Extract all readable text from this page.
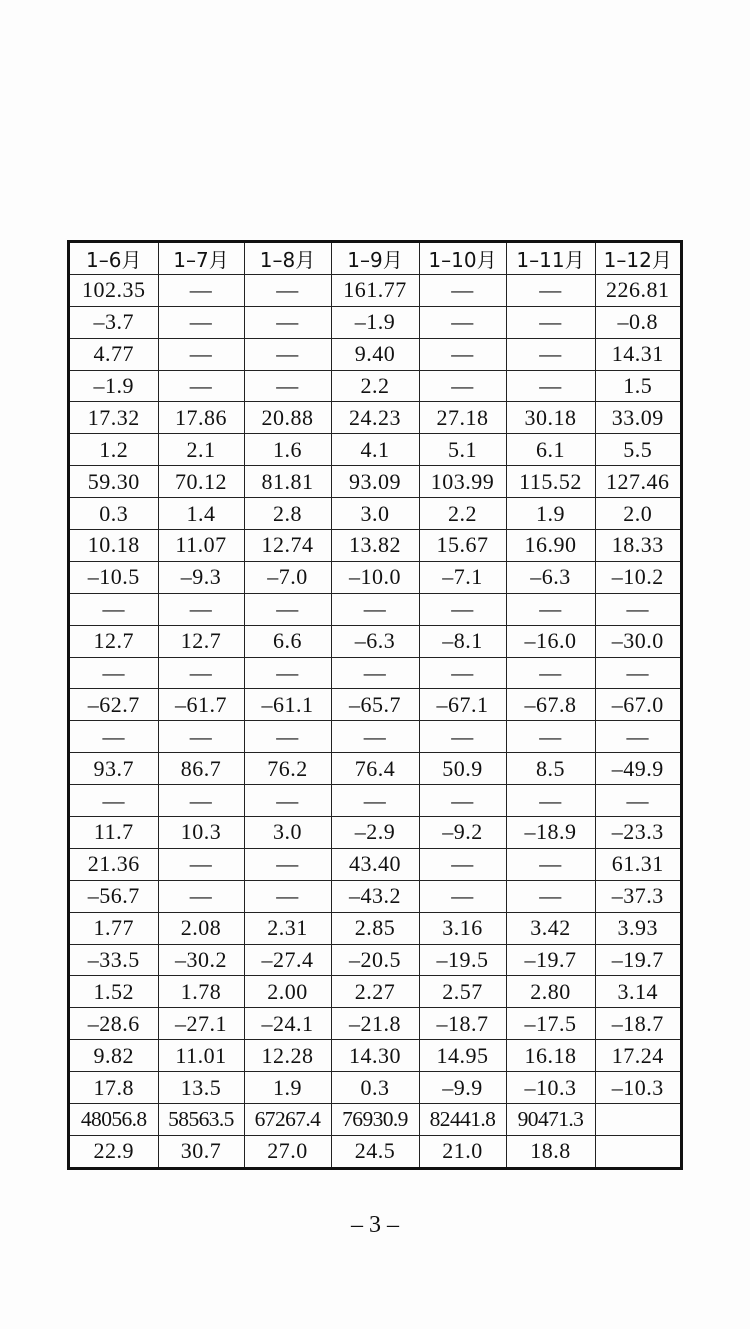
1–6月	1–7月	1–8月	1–9月	1–10月	1–11月	1–12月
102.35	—	—	161.77	—	—	226.81
–3.7	—	—	–1.9	—	—	–0.8
4.77	—	—	9.40	—	—	14.31
–1.9	—	—	2.2	—	—	1.5
17.32	17.86	20.88	24.23	27.18	30.18	33.09
1.2	2.1	1.6	4.1	5.1	6.1	5.5
59.30	70.12	81.81	93.09	103.99	115.52	127.46
0.3	1.4	2.8	3.0	2.2	1.9	2.0
10.18	11.07	12.74	13.82	15.67	16.90	18.33
–10.5	–9.3	–7.0	–10.0	–7.1	–6.3	–10.2
—	—	—	—	—	—	—
12.7	12.7	6.6	–6.3	–8.1	–16.0	–30.0
—	—	—	—	—	—	—
–62.7	–61.7	–61.1	–65.7	–67.1	–67.8	–67.0
—	—	—	—	—	—	—
93.7	86.7	76.2	76.4	50.9	8.5	–49.9
—	—	—	—	—	—	—
11.7	10.3	3.0	–2.9	–9.2	–18.9	–23.3
21.36	—	—	43.40	—	—	61.31
–56.7	—	—	–43.2	—	—	–37.3
1.77	2.08	2.31	2.85	3.16	3.42	3.93
–33.5	–30.2	–27.4	–20.5	–19.5	–19.7	–19.7
1.52	1.78	2.00	2.27	2.57	2.80	3.14
–28.6	–27.1	–24.1	–21.8	–18.7	–17.5	–18.7
9.82	11.01	12.28	14.30	14.95	16.18	17.24
17.8	13.5	1.9	0.3	–9.9	–10.3	–10.3
48056.8	58563.5	67267.4	76930.9	82441.8	90471.3	
22.9	30.7	27.0	24.5	21.0	18.8	
– 3 –
